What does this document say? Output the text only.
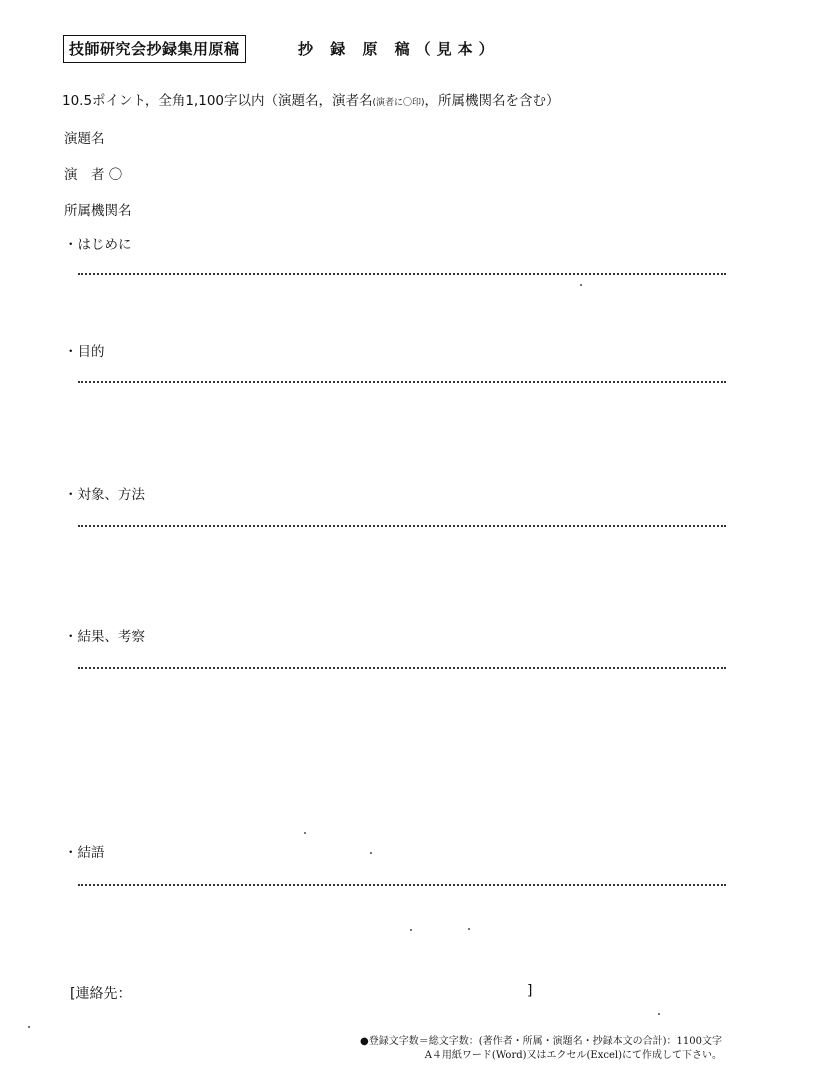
技師研究会抄録集用原稿	抄 録 原 稿（見本）
10.5ポイント，全角1,100字以内（演題名，演者名(演者に〇印)，所属機関名を含む）
演題名
演　者 〇
所属機関名
・はじめに
・目的
・対象、方法
・結果、考察
・結語
[連絡先：	]
●登録文字数＝総文字数：(著作者・所属・演題名・抄録本文の合計)：1100文字
A４用紙ワード(Word)又はエクセル(Excel)にて作成して下さい。
